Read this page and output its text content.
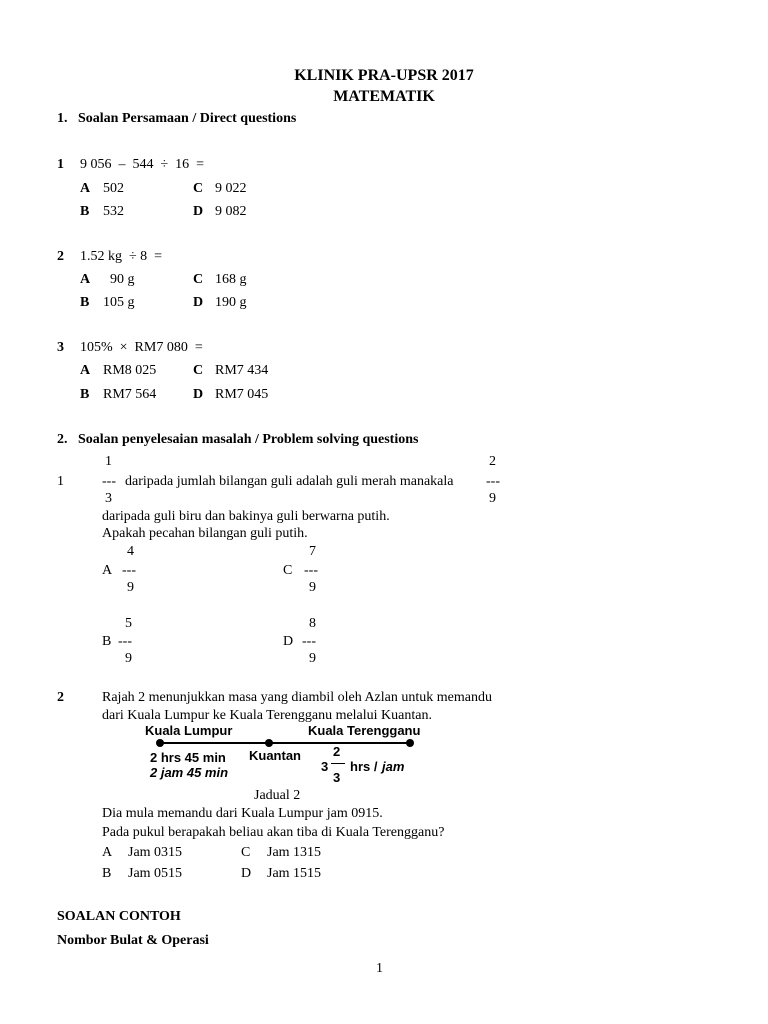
KLINIK PRA-UPSR 2017
MATEMATIK
1.   Soalan Persamaan / Direct questions
1 9 056  –  544  ÷  16  =
A 502	C 9 022
B 532	D 9 082
2 1.52 kg  ÷ 8  =
A 90 g	C 168 g
B 105 g	D 190 g
3 105%  ×  RM7 080  =
A RM8 025	C RM7 434
B RM7 564	D RM7 045
2.   Soalan penyelesaian masalah / Problem solving questions
1	2
1	--- daripada jumlah bilangan guli adalah guli merah manakala ---
3	9
daripada guli biru dan bakinya guli berwarna putih.
Apakah pecahan bilangan guli putih.
4
A ---
9
7
C ---
9
5
B ---
9
8
D ---
9
2	Rajah 2 menunjukkan masa yang diambil oleh Azlan untuk memandu
dari Kuala Lumpur ke Kuala Terengganu melalui Kuantan.
Kuala Lumpur	Kuala Terengganu
Kuantan
2 hrs 45 min
2 jam 45 min
2
3
3 hrs / jam
Jadual 2
Dia mula memandu dari Kuala Lumpur jam 0915.
Pada pukul berapakah beliau akan tiba di Kuala Terengganu?
A Jam 0315	C Jam 1315
B Jam 0515	D Jam 1515
SOALAN CONTOH
Nombor Bulat & Operasi
1
